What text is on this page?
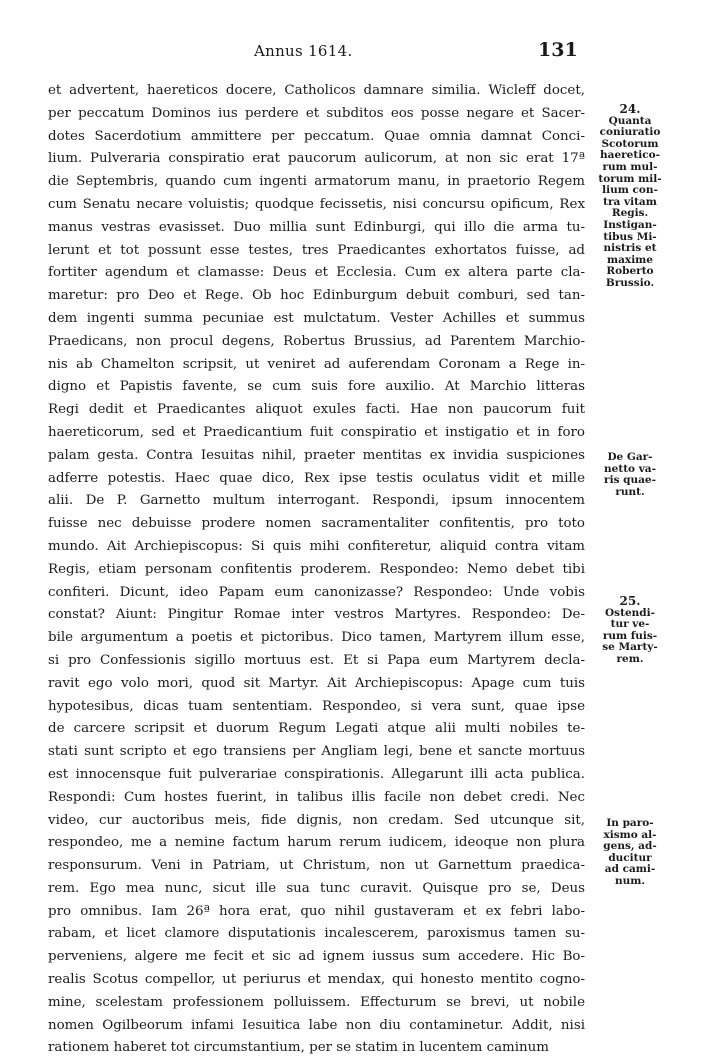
Annus 1614.	131
et advertent, haereticos docere, Catholicos damnare similia. Wicleff docet,
per peccatum Dominos ius perdere et subditos eos posse negare et Sacer-
dotes Sacerdotium ammittere per peccatum. Quae omnia damnat Conci-
lium. Pulveraria conspiratio erat paucorum aulicorum, at non sic erat 17ª
die Septembris, quando cum ingenti armatorum manu, in praetorio Regem
cum Senatu necare voluistis; quodque fecissetis, nisi concursu opificum, Rex
manus vestras evasisset. Duo millia sunt Edinburgi, qui illo die arma tu-
lerunt et tot possunt esse testes, tres Praedicantes exhortatos fuisse, ad
fortiter agendum et clamasse: Deus et Ecclesia. Cum ex altera parte cla-
maretur: pro Deo et Rege. Ob hoc Edinburgum debuit comburi, sed tan-
dem ingenti summa pecuniae est mulctatum. Vester Achilles et summus
Praedicans, non procul degens, Robertus Brussius, ad Parentem Marchio-
nis ab Chamelton scripsit, ut veniret ad auferendam Coronam a Rege in-
digno et Papistis favente, se cum suis fore auxilio. At Marchio litteras
Regi dedit et Praedicantes aliquot exules facti. Hae non paucorum fuit
haereticorum, sed et Praedicantium fuit conspiratio et instigatio et in foro
palam gesta. Contra Iesuitas nihil, praeter mentitas ex invidia suspiciones
adferre potestis. Haec quae dico, Rex ipse testis oculatus vidit et mille
alii. De P. Garnetto multum interrogant. Respondi, ipsum innocentem
fuisse nec debuisse prodere nomen sacramentaliter confitentis, pro toto
mundo. Ait Archiepiscopus: Si quis mihi confiteretur, aliquid contra vitam
Regis, etiam personam confitentis proderem. Respondeo: Nemo debet tibi
confiteri. Dicunt, ideo Papam eum canonizasse? Respondeo: Unde vobis
constat? Aiunt: Pingitur Romae inter vestros Martyres. Respondeo: De-
bile argumentum a poetis et pictoribus. Dico tamen, Martyrem illum esse,
si pro Confessionis sigillo mortuus est. Et si Papa eum Martyrem decla-
ravit ego volo mori, quod sit Martyr. Ait Archiepiscopus: Apage cum tuis
hypotesibus, dicas tuam sententiam. Respondeo, si vera sunt, quae ipse
de carcere scripsit et duorum Regum Legati atque alii multi nobiles te-
stati sunt scripto et ego transiens per Angliam legi, bene et sancte mortuus
est innocensque fuit pulverariae conspirationis. Allegarunt illi acta publica.
Respondi: Cum hostes fuerint, in talibus illis facile non debet credi. Nec
video, cur auctoribus meis, fide dignis, non credam. Sed utcunque sit,
respondeo, me a nemine factum harum rerum iudicem, ideoque non plura
responsurum. Veni in Patriam, ut Christum, non ut Garnettum praedica-
rem. Ego mea nunc, sicut ille sua tunc curavit. Quisque pro se, Deus
pro omnibus. Iam 26ª hora erat, quo nihil gustaveram et ex febri labo-
rabam, et licet clamore disputationis incalescerem, paroxismus tamen su-
perveniens, algere me fecit et sic ad ignem iussus sum accedere. Hic Bo-
realis Scotus compellor, ut periurus et mendax, qui honesto mentito cogno-
mine, scelestam professionem polluissem. Effecturum se brevi, ut nobile
nomen Ogilbeorum infami Iesuitica labe non diu contaminetur. Addit, nisi
rationem haberet tot circumstantium, per se statim in lucentem caminum
24.
Quanta
coniuratio
Scotorum
haeretico-
rum mul-
torum mil-
lium con-
tra vitam
Regis.
Instigan-
tibus Mi-
nistris et
maxime
Roberto
Brussio.
De Gar-
netto va-
ris quae-
runt.
25.
Ostendi-
tur ve-
rum fuis-
se Marty-
rem.
In paro-
xismo al-
gens, ad-
ducitur
ad cami-
num.
